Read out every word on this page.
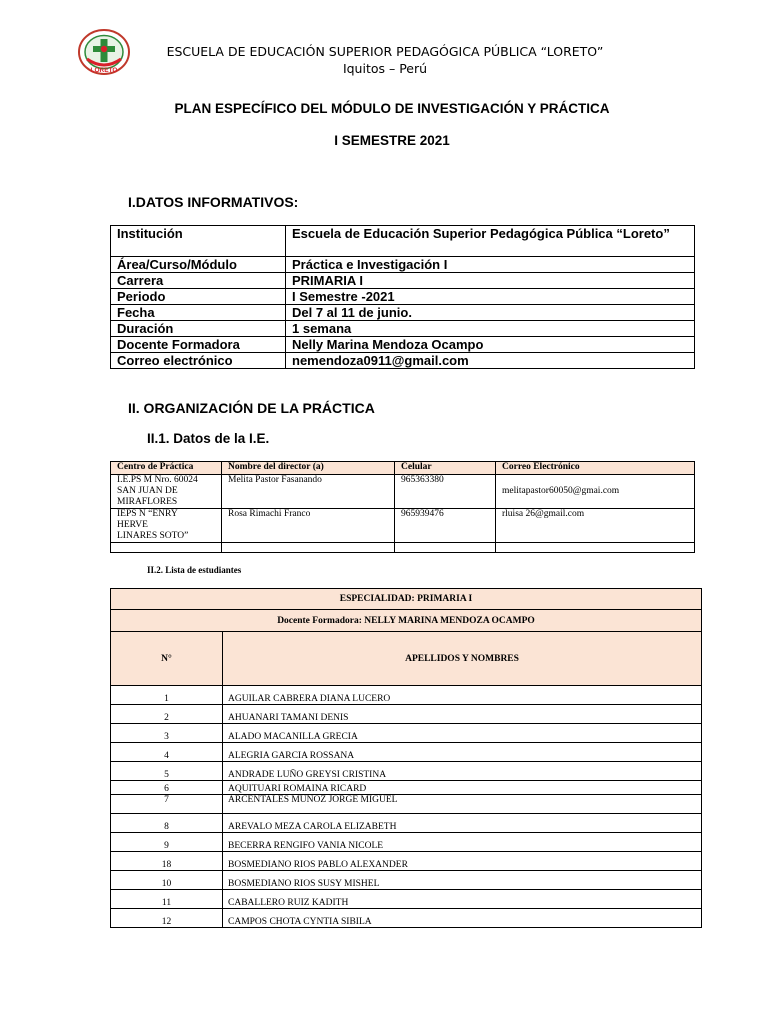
LORETO
ESCUELA DE EDUCACIÓN SUPERIOR PEDAGÓGICA PÚBLICA “LORETO”
Iquitos – Perú
PLAN ESPECÍFICO DEL MÓDULO DE INVESTIGACIÓN Y PRÁCTICA
I SEMESTRE 2021
I.DATOS INFORMATIVOS:
Institución	Escuela de Educación Superior Pedagógica Pública “Loreto”
Área/Curso/Módulo	Práctica e Investigación I
Carrera	PRIMARIA I
Periodo	I Semestre -2021
Fecha	Del 7 al 11 de junio.
Duración	1 semana
Docente Formadora	Nelly Marina Mendoza Ocampo
Correo electrónico	nemendoza0911@gmail.com
II. ORGANIZACIÓN DE LA PRÁCTICA
II.1. Datos de la I.E.
Centro de Práctica	Nombre del director (a)	Celular	Correo Electrónico

I.E.PS M Nro. 60024
SAN JUAN DE
MIRAFLORES	Melita Pastor Fasanando	965363380	melitapastor60050@gmai.com

IEPS N “ENRY
HERVE
LINARES SOTO”	Rosa Rimachi Franco	965939476	rluisa 26@gmail.com

II.2. Lista de estudiantes
ESPECIALIDAD: PRIMARIA I	
Docente Formadora: NELLY MARINA MENDOZA OCAMPO	
N°	APELLIDOS Y NOMBRES
1	AGUILAR CABRERA DIANA LUCERO
2	AHUANARI TAMANI DENIS
3	ALADO MACANILLA GRECIA
4	ALEGRIA GARCIA ROSSANA
5	ANDRADE LUÑO GREYSI CRISTINA
6	AQUITUARI ROMAINA RICARD
7	ARCENTALES MUÑOZ JORGE MIGUEL
8	AREVALO MEZA CAROLA ELIZABETH
9	BECERRA RENGIFO VANIA NICOLE
18	BOSMEDIANO RIOS PABLO ALEXANDER
10	BOSMEDIANO RIOS SUSY MISHEL
11	CABALLERO RUIZ KADITH
12	CAMPOS CHOTA CYNTIA SIBILA
